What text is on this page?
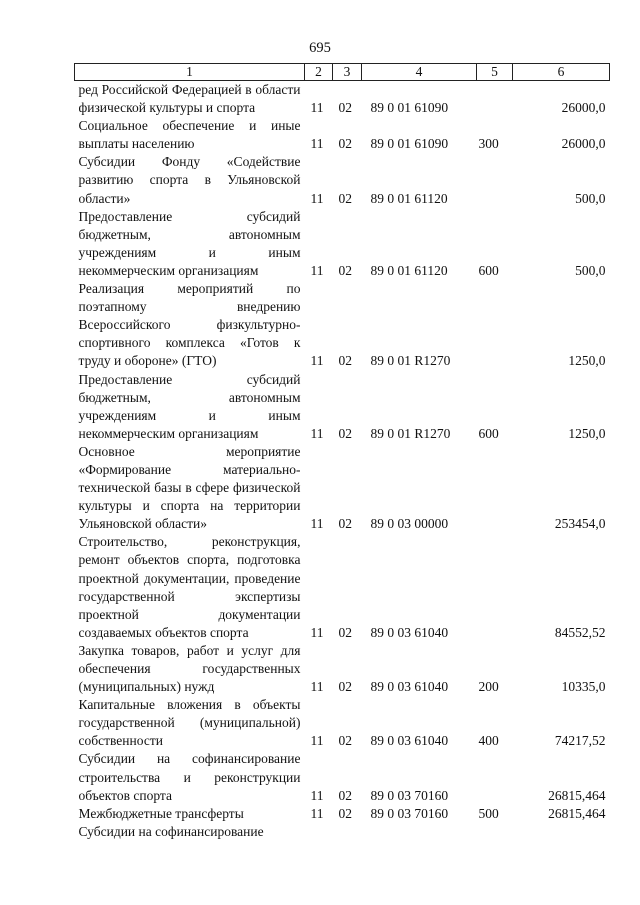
695
1	2	3	4	5	6
ред Российской Федерацией в области физической культуры и спорта	11	02	89 0 01 61090		26000,0
Социальное обеспечение и иные выплаты населению	11	02	89 0 01 61090	300	26000,0
Субсидии Фонду «Содействие развитию спорта в Ульяновской области»	11	02	89 0 01 61120		500,0
Предоставление субсидий бюджетным, автономным учреждениям и иным некоммерческим организациям	11	02	89 0 01 61120	600	500,0
Реализация мероприятий по поэтапному внедрению Всероссийского физкультурно-спортивного комплекса «Готов к труду и обороне» (ГТО)	11	02	89 0 01 R1270		1250,0
Предоставление субсидий бюджетным, автономным учреждениям и иным некоммерческим организациям	11	02	89 0 01 R1270	600	1250,0
Основное мероприятие «Формирование материально-технической базы в сфере физической культуры и спорта на территории Ульяновской области»	11	02	89 0 03 00000		253454,0
Строительство, реконструкция, ремонт объектов спорта, подготовка проектной документации, проведение государственной экспертизы проектной документации создаваемых объектов спорта	11	02	89 0 03 61040		84552,52
Закупка товаров, работ и услуг для обеспечения государственных (муниципальных) нужд	11	02	89 0 03 61040	200	10335,0
Капитальные вложения в объекты государственной (муниципальной) собственности	11	02	89 0 03 61040	400	74217,52
Субсидии на софинансирование строительства и реконструкции объектов спорта	11	02	89 0 03 70160		26815,464
Межбюджетные трансферты	11	02	89 0 03 70160	500	26815,464
Субсидии на софинансирование					
